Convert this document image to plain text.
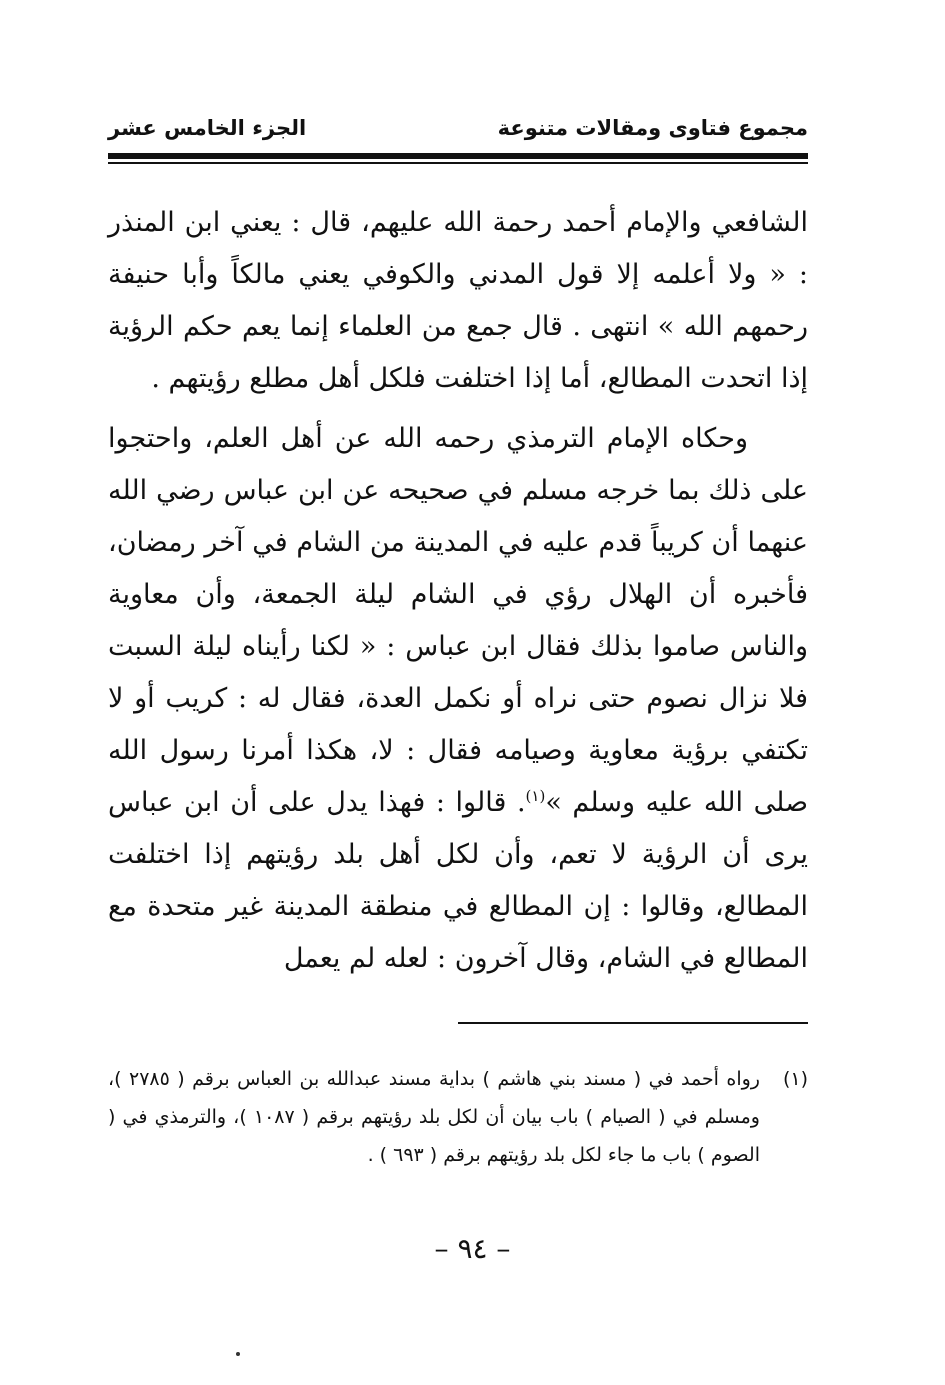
مجموع فتاوى ومقالات متنوعة
الجزء الخامس عشر

الشافعي والإمام أحمد رحمة الله عليهم، قال : يعني ابن المنذر : « ولا أعلمه إلا قول المدني والكوفي يعني مالكاً وأبا حنيفة رحمهم الله » انتهى . قال جمع من العلماء إنما يعم حكم الرؤية إذا اتحدت المطالع، أما إذا اختلفت فلكل أهل مطلع رؤيتهم .

وحكاه الإمام الترمذي رحمه الله عن أهل العلم، واحتجوا على ذلك بما خرجه مسلم في صحيحه عن ابن عباس رضي الله عنهما أن كريباً قدم عليه في المدينة من الشام في آخر رمضان، فأخبره أن الهلال رؤي في الشام ليلة الجمعة، وأن معاوية والناس صاموا بذلك فقال ابن عباس : « لكنا رأيناه ليلة السبت فلا نزال نصوم حتى نراه أو نكمل العدة، فقال له : كريب أو لا تكتفي برؤية معاوية وصيامه فقال : لا، هكذا أمرنا رسول الله صلى الله عليه وسلم »$^{(١)}$. قالوا : فهذا يدل على أن ابن عباس يرى أن الرؤية لا تعم، وأن لكل أهل بلد رؤيتهم إذا اختلفت المطالع، وقالوا : إن المطالع في منطقة المدينة غير متحدة مع المطالع في الشام، وقال آخرون : لعله لم يعمل

(١)
رواه أحمد في ( مسند بني هاشم ) بداية مسند عبدالله بن العباس برقم ( ٢٧٨٥ )، ومسلم في ( الصيام ) باب بيان أن لكل بلد رؤيتهم برقم ( ١٠٨٧ )، والترمذي في ( الصوم ) باب ما جاء لكل بلد رؤيتهم برقم ( ٦٩٣ ) .
– ٩٤ –
